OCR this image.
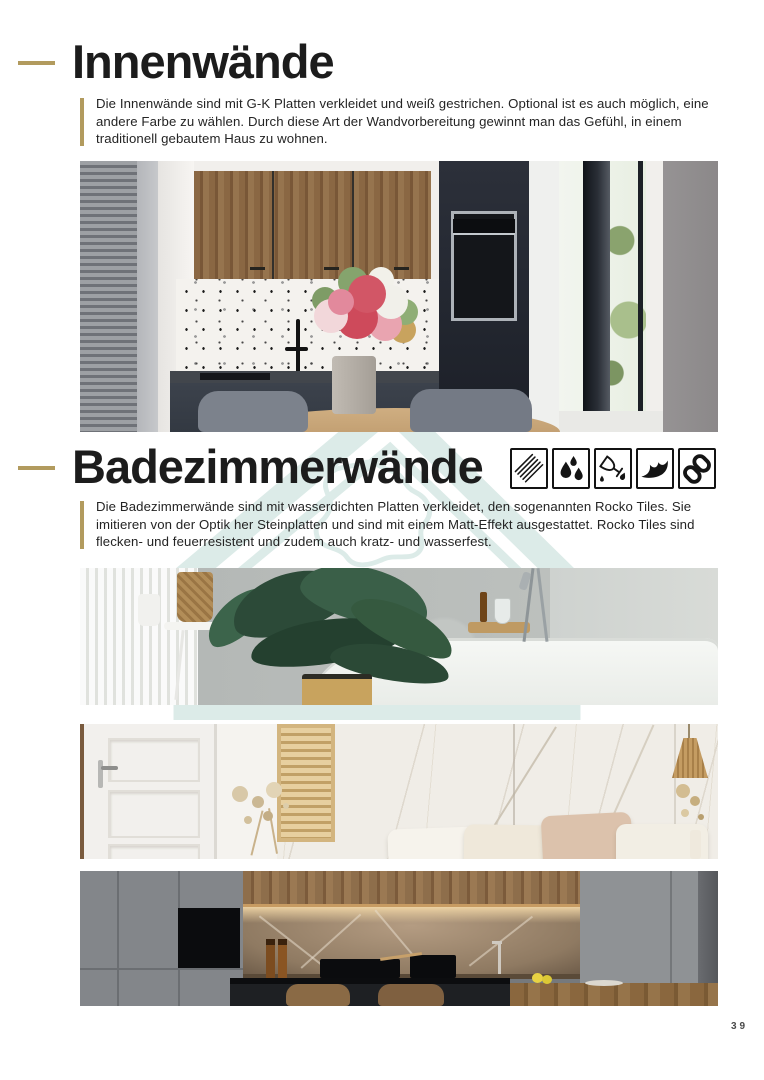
Innenwände

Die Innenwände sind mit G-K Platten verkleidet und weiß gestrichen. Optional ist es auch möglich, eine andere Farbe zu wählen. Durch diese Art der Wandvorbereitung gewinnt man das Gefühl, in einem traditionell gebautem Haus zu wohnen.

Badezimmerwände

Die Badezimmerwände sind mit wasserdichten Platten verkleidet, den sogenannten Rocko Tiles. Sie imitieren von der Optik her Steinplatten und sind mit einem Matt-Effekt ausgestattet. Rocko Tiles sind flecken- und feuerresistent und zudem auch kratz- und wasserfest.

39
